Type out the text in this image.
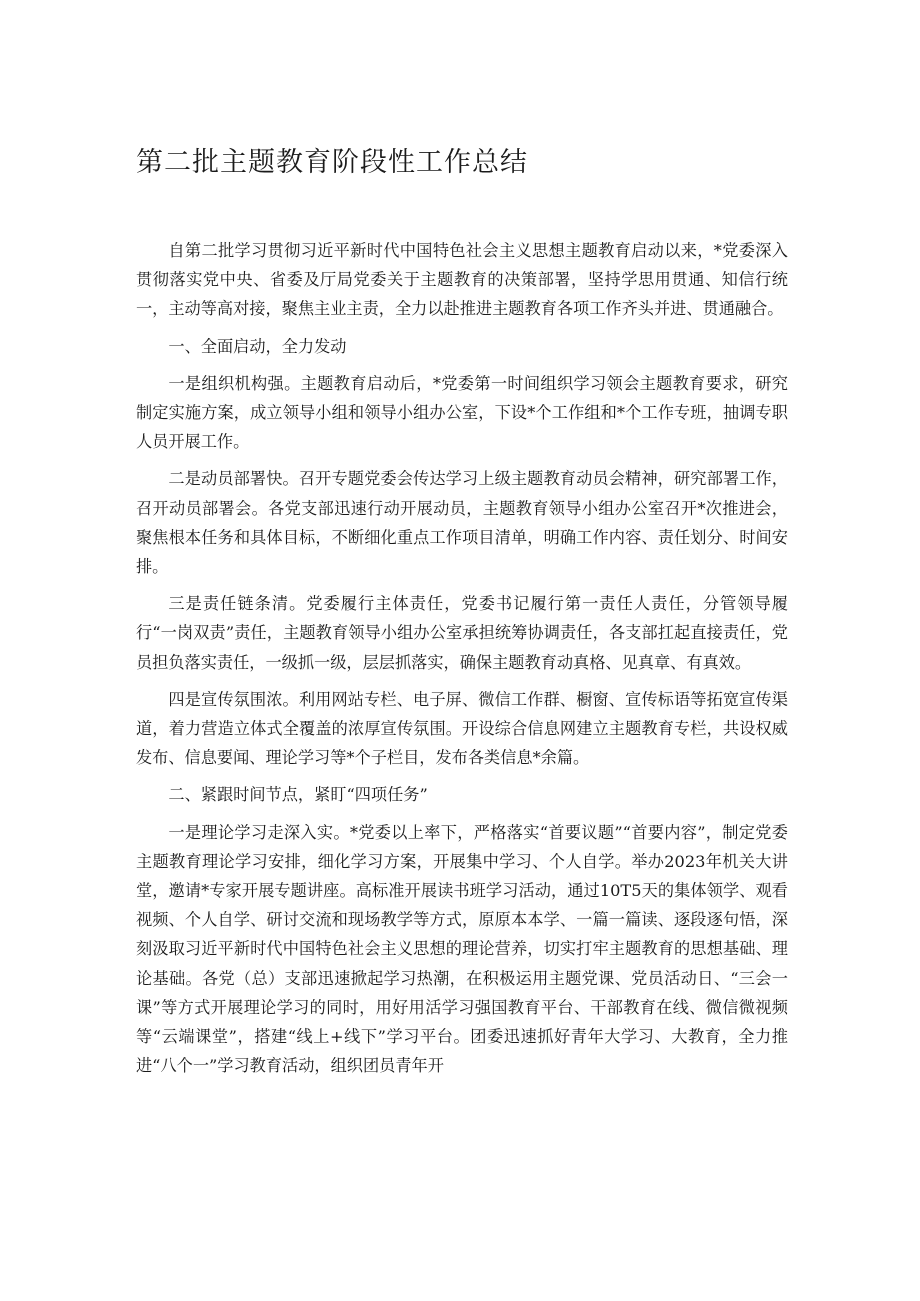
第二批主题教育阶段性工作总结

自第二批学习贯彻习近平新时代中国特色社会主义思想主题教育启动以来，*党委深入贯彻落实党中央、省委及厅局党委关于主题教育的决策部署，坚持学思用贯通、知信行统一，主动等高对接，聚焦主业主责，全力以赴推进主题教育各项工作齐头并进、贯通融合。

一、全面启动，全力发动

一是组织机构强。主题教育启动后，*党委第一时间组织学习领会主题教育要求，研究制定实施方案，成立领导小组和领导小组办公室，下设*个工作组和*个工作专班，抽调专职人员开展工作。

二是动员部署快。召开专题党委会传达学习上级主题教育动员会精神，研究部署工作，召开动员部署会。各党支部迅速行动开展动员，主题教育领导小组办公室召开*次推进会，聚焦根本任务和具体目标，不断细化重点工作项目清单，明确工作内容、责任划分、时间安排。

三是责任链条清。党委履行主体责任，党委书记履行第一责任人责任，分管领导履行“一岗双责”责任，主题教育领导小组办公室承担统筹协调责任，各支部扛起直接责任，党员担负落实责任，一级抓一级，层层抓落实，确保主题教育动真格、见真章、有真效。

四是宣传氛围浓。利用网站专栏、电子屏、微信工作群、橱窗、宣传标语等拓宽宣传渠道，着力营造立体式全覆盖的浓厚宣传氛围。开设综合信息网建立主题教育专栏，共设权威发布、信息要闻、理论学习等*个子栏目，发布各类信息*余篇。

二、紧跟时间节点，紧盯“四项任务”

一是理论学习走深入实。*党委以上率下，严格落实“首要议题”“首要内容”，制定党委主题教育理论学习安排，细化学习方案，开展集中学习、个人自学。举办2023年机关大讲堂，邀请*专家开展专题讲座。高标准开展读书班学习活动，通过10T5天的集体领学、观看视频、个人自学、研讨交流和现场教学等方式，原原本本学、一篇一篇读、逐段逐句悟，深刻汲取习近平新时代中国特色社会主义思想的理论营养，切实打牢主题教育的思想基础、理论基础。各党（总）支部迅速掀起学习热潮，在积极运用主题党课、党员活动日、“三会一课”等方式开展理论学习的同时，用好用活学习强国教育平台、干部教育在线、微信微视频等“云端课堂”，搭建“线上+线下”学习平台。团委迅速抓好青年大学习、大教育，全力推进“八个一”学习教育活动，组织团员青年开
